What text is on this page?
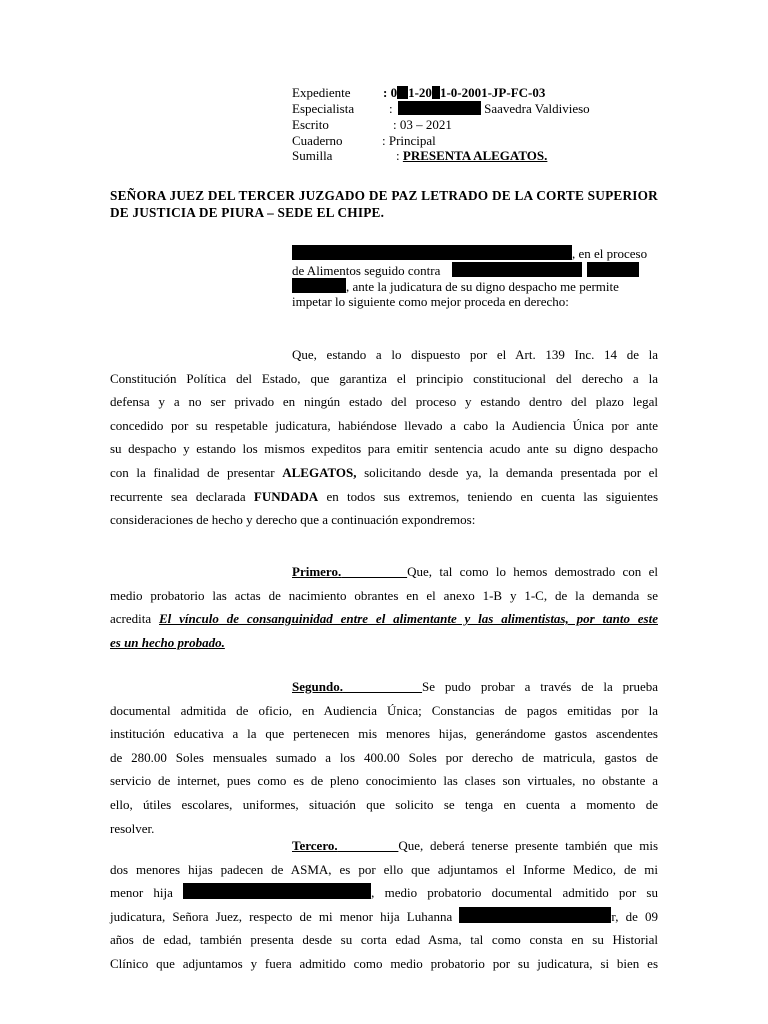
Expediente	: 0 1-20 1-0-2001-JP-FC-03
Especialista	:	Saavedra Valdivieso
Escrito	: 03 – 2021
Cuaderno	: Principal
Sumilla	: PRESENTA ALEGATOS.
SEÑORA JUEZ DEL TERCER JUZGADO DE PAZ LETRADO DE LA CORTE SUPERIOR DE JUSTICIA DE PIURA – SEDE EL CHIPE.
, en el proceso
de Alimentos seguido contra
, ante la judicatura de su digno despacho me permite
impetar lo siguiente como mejor proceda en derecho:
Que, estando a lo dispuesto por el Art. 139 Inc. 14 de la
Constitución Política del Estado, que garantiza el principio constitucional del derecho a la
defensa y a no ser privado en ningún estado del proceso y estando dentro del plazo legal
concedido por su respetable judicatura, habiéndose llevado a cabo la Audiencia Única por ante
su despacho y estando los mismos expeditos para emitir sentencia acudo ante su digno despacho
con la finalidad de presentar ALEGATOS, solicitando desde ya, la demanda presentada por el
recurrente sea declarada FUNDADA en todos sus extremos, teniendo en cuenta las siguientes
consideraciones de hecho y derecho que a continuación expondremos:
Primero.	Que, tal como lo hemos demostrado con el
medio probatorio las actas de nacimiento obrantes en el anexo 1-B y 1-C, de la demanda se
acredita El vínculo de consanguinidad entre el alimentante y las alimentistas, por tanto este
es un hecho probado.
Segundo.	Se pudo probar a través de la prueba
documental admitida de oficio, en Audiencia Única; Constancias de pagos emitidas por la
institución educativa a la que pertenecen mis menores hijas, generándome gastos ascendentes
de 280.00 Soles mensuales sumado a los 400.00 Soles por derecho de matricula, gastos de
servicio de internet, pues como es de pleno conocimiento las clases son virtuales, no obstante a
ello, útiles escolares, uniformes, situación que solicito se tenga en cuenta a momento de
resolver.
Tercero.	Que, deberá tenerse presente también que mis
dos menores hijas padecen de ASMA, es por ello que adjuntamos el Informe Medico, de mi
menor hija	, medio probatorio documental admitido por su
judicatura, Señora Juez, respecto de mi menor hija Luhanna	r, de 09
años de edad, también presenta desde su corta edad Asma, tal como consta en su Historial
Clínico que adjuntamos y fuera admitido como medio probatorio por su judicatura, si bien es
